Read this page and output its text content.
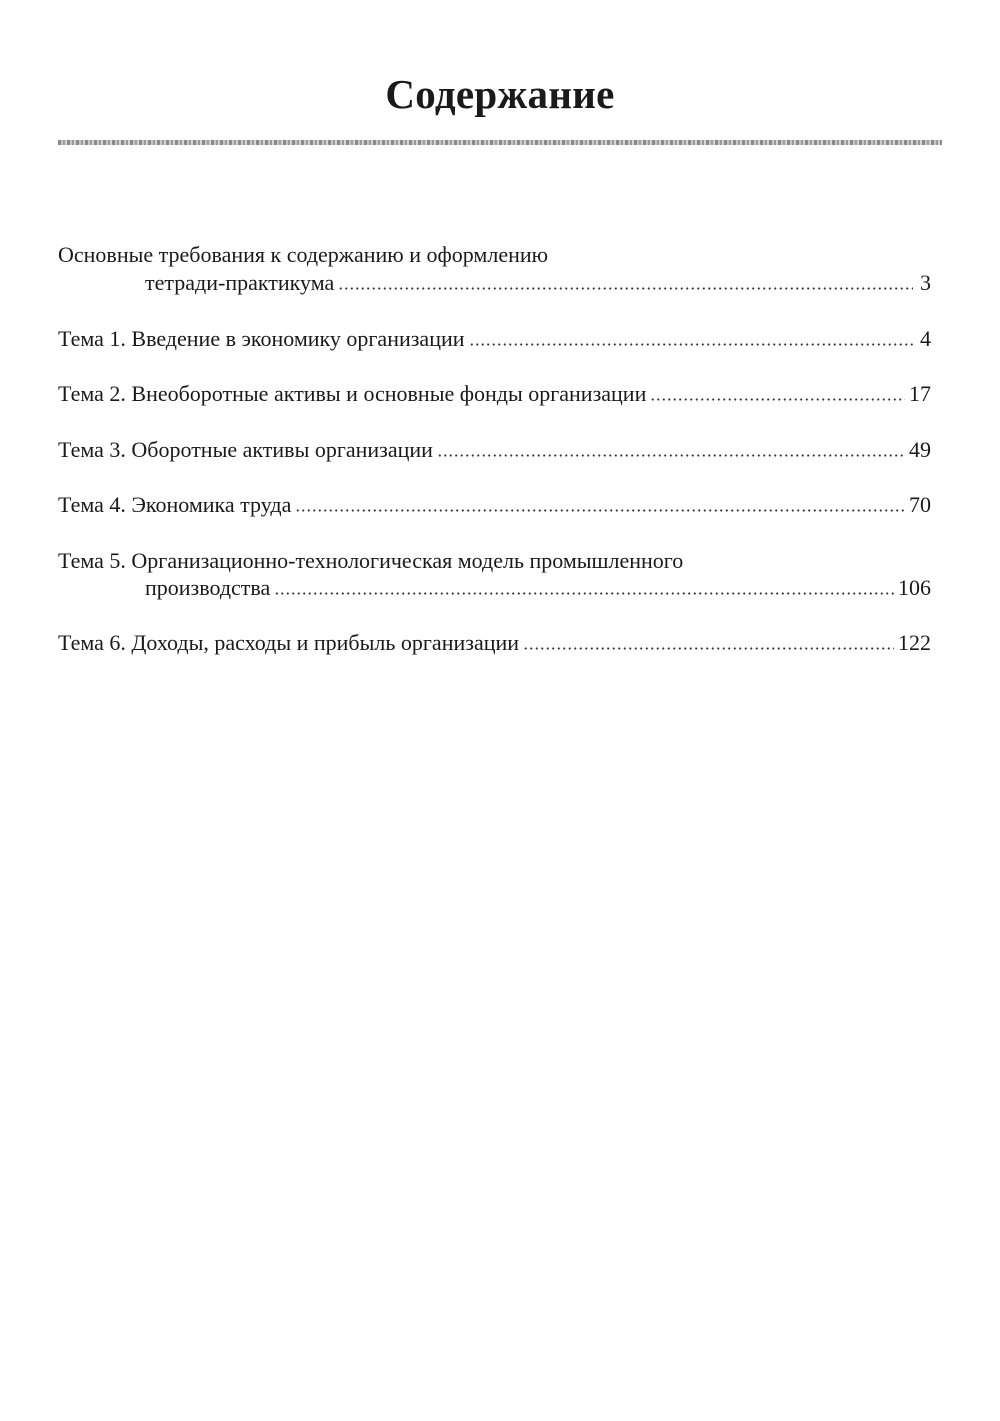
Содержание
Основные требования к содержанию и оформлению
тетради-практикума	3
Тема 1. Введение в экономику организации	4
Тема 2. Внеоборотные активы и основные фонды организации	17
Тема 3. Оборотные активы организации	49
Тема 4. Экономика труда	70
Тема 5. Организационно-технологическая модель промышленного
производства	106
Тема 6. Доходы, расходы и прибыль организации	122
